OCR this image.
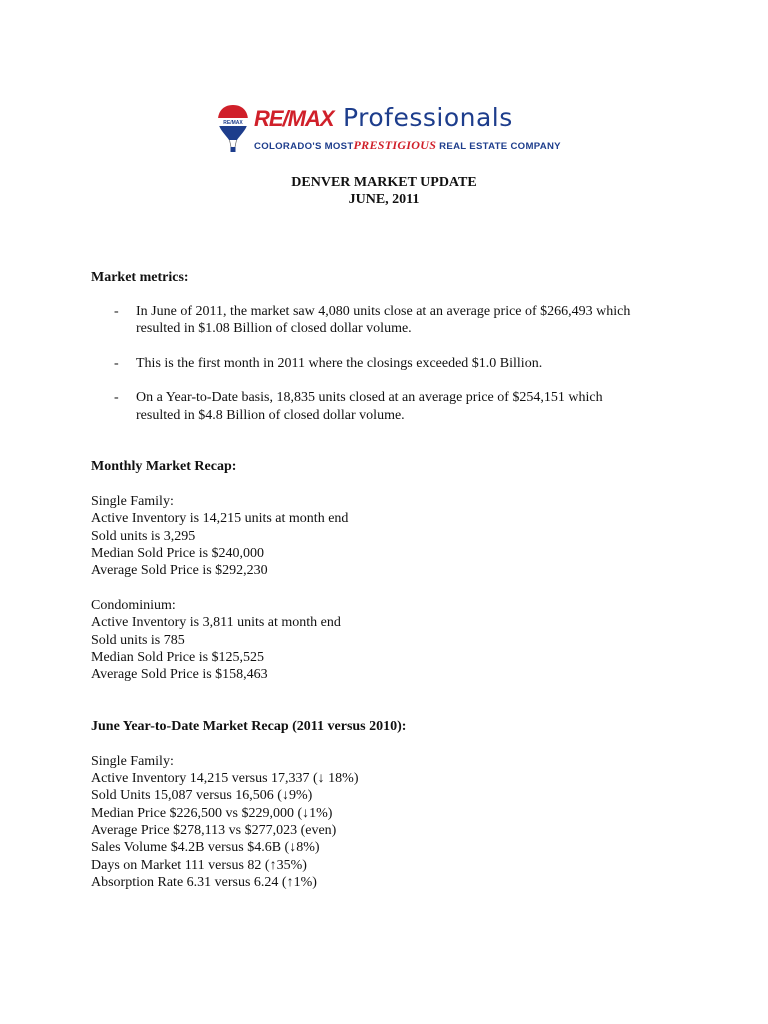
RE/MAX RE/MAX Professionals
COLORADO'S MOSTPRESTIGIOUS REAL ESTATE COMPANY
DENVER MARKET UPDATE
JUNE, 2011
Market metrics:
- In June of 2011, the market saw 4,080 units close at an average price of $266,493 which
resulted in $1.08 Billion of closed dollar volume.
- This is the first month in 2011 where the closings exceeded $1.0 Billion.
- On a Year-to-Date basis, 18,835 units closed at an average price of $254,151 which
resulted in $4.8 Billion of closed dollar volume.
Monthly Market Recap:
Single Family:
Active Inventory is 14,215 units at month end
Sold units is 3,295
Median Sold Price is $240,000
Average Sold Price is $292,230
Condominium:
Active Inventory is 3,811 units at month end
Sold units is 785
Median Sold Price is $125,525
Average Sold Price is $158,463
June Year-to-Date Market Recap (2011 versus 2010):
Single Family:
Active Inventory 14,215 versus 17,337 (↓ 18%)
Sold Units 15,087 versus 16,506 (↓9%)
Median Price $226,500 vs $229,000 (↓1%)
Average Price $278,113 vs $277,023 (even)
Sales Volume $4.2B versus $4.6B (↓8%)
Days on Market 111 versus 82 (↑35%)
Absorption Rate 6.31 versus 6.24 (↑1%)
